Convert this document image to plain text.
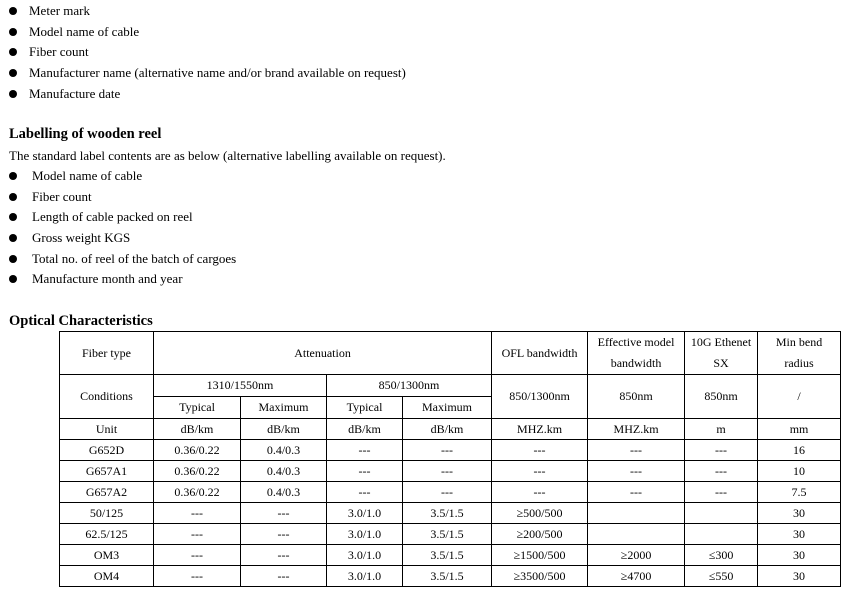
Meter mark
Model name of cable
Fiber count
Manufacturer name (alternative name and/or brand available on request)
Manufacture date
Labelling of wooden reel
The standard label contents are as below (alternative labelling available on request).
Model name of cable
Fiber count
Length of cable packed on reel
Gross weight KGS
Total no. of reel of the batch of cargoes
Manufacture month and year
Optical Characteristics
Fiber type	Attenuation				OFL bandwidth	Effective model bandwidth	10G Ethenet SX	Min bend radius
Conditions	1310/1550nm		850/1300nm		850/1300nm	850nm	850nm	/
	Typical	Maximum	Typical	Maximum				
Unit	dB/km	dB/km	dB/km	dB/km	MHZ.km	MHZ.km	m	mm
G652D	0.36/0.22	0.4/0.3	---	---	---	---	---	16
G657A1	0.36/0.22	0.4/0.3	---	---	---	---	---	10
G657A2	0.36/0.22	0.4/0.3	---	---	---	---	---	7.5
50/125	---	---	3.0/1.0	3.5/1.5	≥500/500			30
62.5/125	---	---	3.0/1.0	3.5/1.5	≥200/500			30
OM3	---	---	3.0/1.0	3.5/1.5	≥1500/500	≥2000	≤300	30
OM4	---	---	3.0/1.0	3.5/1.5	≥3500/500	≥4700	≤550	30
